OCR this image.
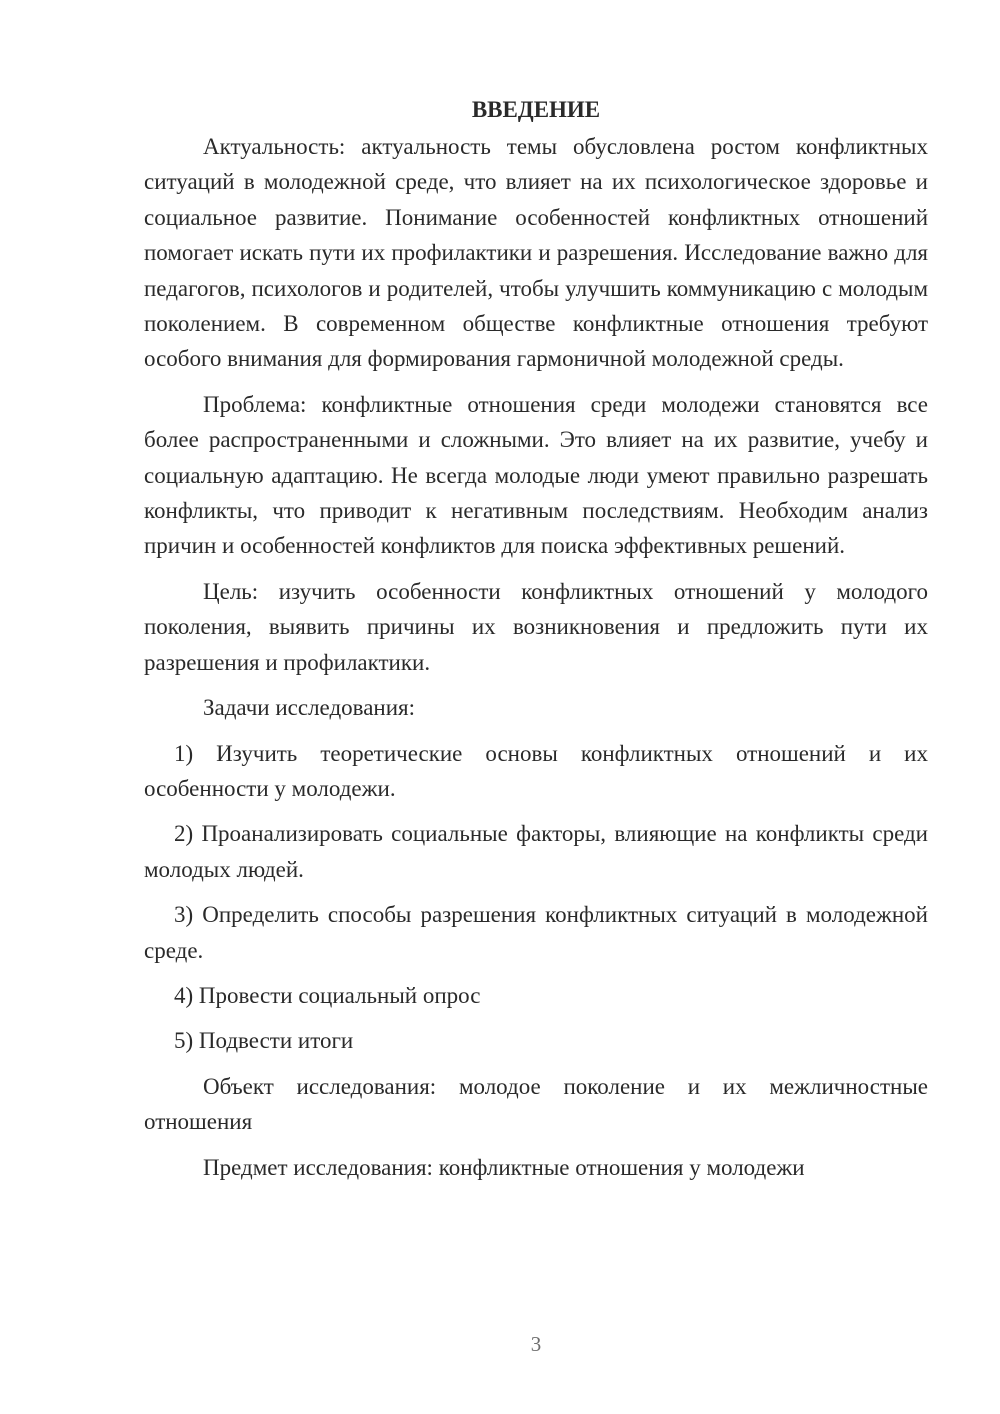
ВВЕДЕНИЕ

Актуальность: актуальность темы обусловлена ростом конфликтных ситуаций в молодежной среде, что влияет на их психологическое здоровье и социальное развитие. Понимание особенностей конфликтных отношений помогает искать пути их профилактики и разрешения. Исследование важно для педагогов, психологов и родителей, чтобы улучшить коммуникацию с молодым поколением. В современном обществе конфликтные отношения требуют особого внимания для формирования гармоничной молодежной среды.

Проблема: конфликтные отношения среди молодежи становятся все более распространенными и сложными. Это влияет на их развитие, учебу и социальную адаптацию. Не всегда молодые люди умеют правильно разрешать конфликты, что приводит к негативным последствиям. Необходим анализ причин и особенностей конфликтов для поиска эффективных решений.

Цель: изучить особенности конфликтных отношений у молодого поколения, выявить причины их возникновения и предложить пути их разрешения и профилактики.

Задачи исследования:

1) Изучить теоретические основы конфликтных отношений и их особенности у молодежи.

2) Проанализировать социальные факторы, влияющие на конфликты среди молодых людей.

3) Определить способы разрешения конфликтных ситуаций в молодежной среде.

4) Провести социальный опрос

5) Подвести итоги

Объект исследования: молодое поколение и их межличностные отношения

Предмет исследования: конфликтные отношения у молодежи

3
